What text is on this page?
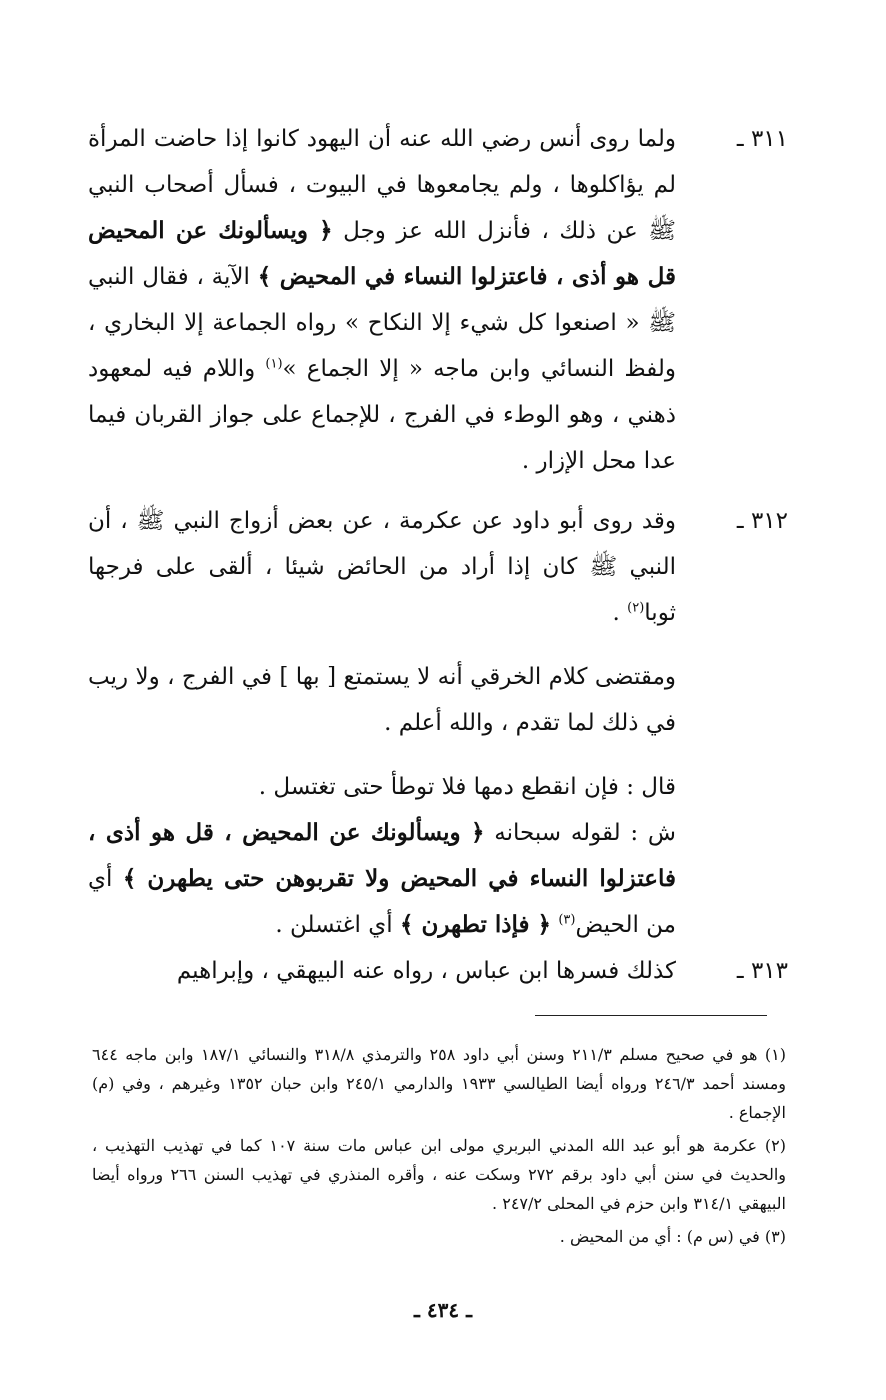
٣١١ ـ
ولما روى أنس رضي الله عنه أن اليهود كانوا إذا حاضت المرأة لم يؤاكلوها ، ولم يجامعوها في البيوت ، فسأل أصحاب النبي ﷺ عن ذلك ، فأنزل الله عز وجل ﴿ ويسألونك عن المحيض قل هو أذى ، فاعتزلوا النساء في المحيض ﴾ الآية ، فقال النبي ﷺ « اصنعوا كل شيء إلا النكاح » رواه الجماعة إلا البخاري ، ولفظ النسائي وابن ماجه « إلا الجماع »$^{(١)}$ واللام فيه لمعهود ذهني ، وهو الوطء في الفرج ، للإجماع على جواز القربان فيما عدا محل الإزار .
٣١٢ ـ
وقد روى أبو داود عن عكرمة ، عن بعض أزواج النبي ﷺ ، أن النبي ﷺ كان إذا أراد من الحائض شيئا ، ألقى على فرجها ثوبا$^{(٢)}$ .

ومقتضى كلام الخرقي أنه لا يستمتع [ بها ] في الفرج ، ولا ريب في ذلك لما تقدم ، والله أعلم .

قال : فإن انقطع دمها فلا توطأ حتى تغتسل .

ش : لقوله سبحانه ﴿ ويسألونك عن المحيض ، قل هو أذى ، فاعتزلوا النساء في المحيض ولا تقربوهن حتى يطهرن ﴾ أي من الحيض$^{(٣)}$ ﴿ فإذا تطهرن ﴾ أي اغتسلن .
٣١٣ ـ
كذلك فسرها ابن عباس ، رواه عنه البيهقي ، وإبراهيم

(١) هو في صحيح مسلم ٢١١/٣ وسنن أبي داود ٢٥٨ والترمذي ٣١٨/٨ والنسائي ١٨٧/١ وابن ماجه ٦٤٤ ومسند أحمد ٢٤٦/٣ ورواه أيضا الطيالسي ١٩٣٣ والدارمي ٢٤٥/١ وابن حبان ١٣٥٢ وغيرهم ، وفي (م) الإجماع .

(٢) عكرمة هو أبو عبد الله المدني البربري مولى ابن عباس مات سنة ١٠٧ كما في تهذيب التهذيب ، والحديث في سنن أبي داود برقم ٢٧٢ وسكت عنه ، وأقره المنذري في تهذيب السنن ٢٦٦ ورواه أيضا البيهقي ٣١٤/١ وابن حزم في المحلى ٢٤٧/٢ .

(٣) في (س م) : أي من المحيض .

ـ ٤٣٤ ـ
